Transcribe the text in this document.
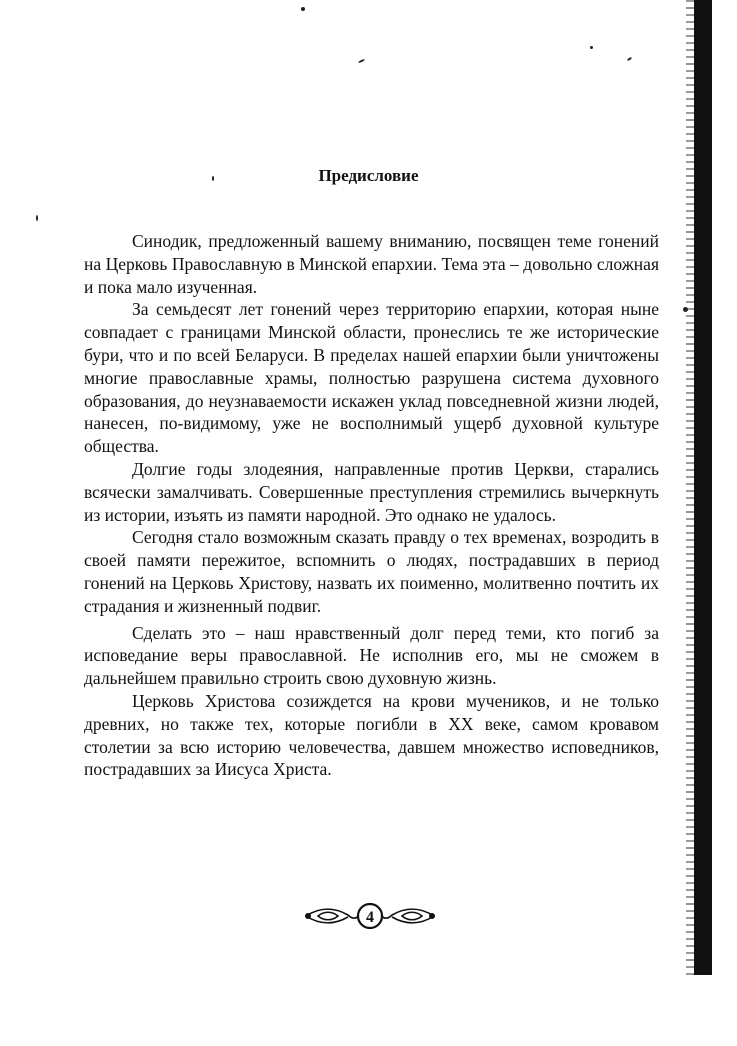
Предисловие

Синодик, предложенный вашему вниманию, посвящен теме гонений на Церковь Православную в Минской епархии. Тема эта – довольно сложная и пока мало изученная.

За семьдесят лет гонений через территорию епархии, которая ныне совпадает с границами Минской области, пронеслись те же исторические бури, что и по всей Беларуси. В пределах нашей епархии были уничтожены многие православные храмы, полностью разрушена система духовного образования, до неузнаваемости искажен уклад повседневной жизни людей, нанесен, по-видимому, уже не восполнимый ущерб духовной культуре общества.

Долгие годы злодеяния, направленные против Церкви, старались всячески замалчивать. Совершенные преступления стремились вычеркнуть из истории, изъять из памяти народной. Это однако не удалось.

Сегодня стало возможным сказать правду о тех временах, возродить в своей памяти пережитое, вспомнить о людях, пострадавших в период гонений на Церковь Христову, назвать их поименно, молитвенно почтить их страдания и жизненный подвиг.

Сделать это – наш нравственный долг перед теми, кто погиб за исповедание веры православной. Не исполнив его, мы не сможем в дальнейшем правильно строить свою духовную жизнь.

Церковь Христова созиждется на крови мучеников, и не только древних, но также тех, которые погибли в XX веке, самом кровавом столетии за всю историю человечества, давшем множество исповедников, пострадавших за Иисуса Христа.

4
